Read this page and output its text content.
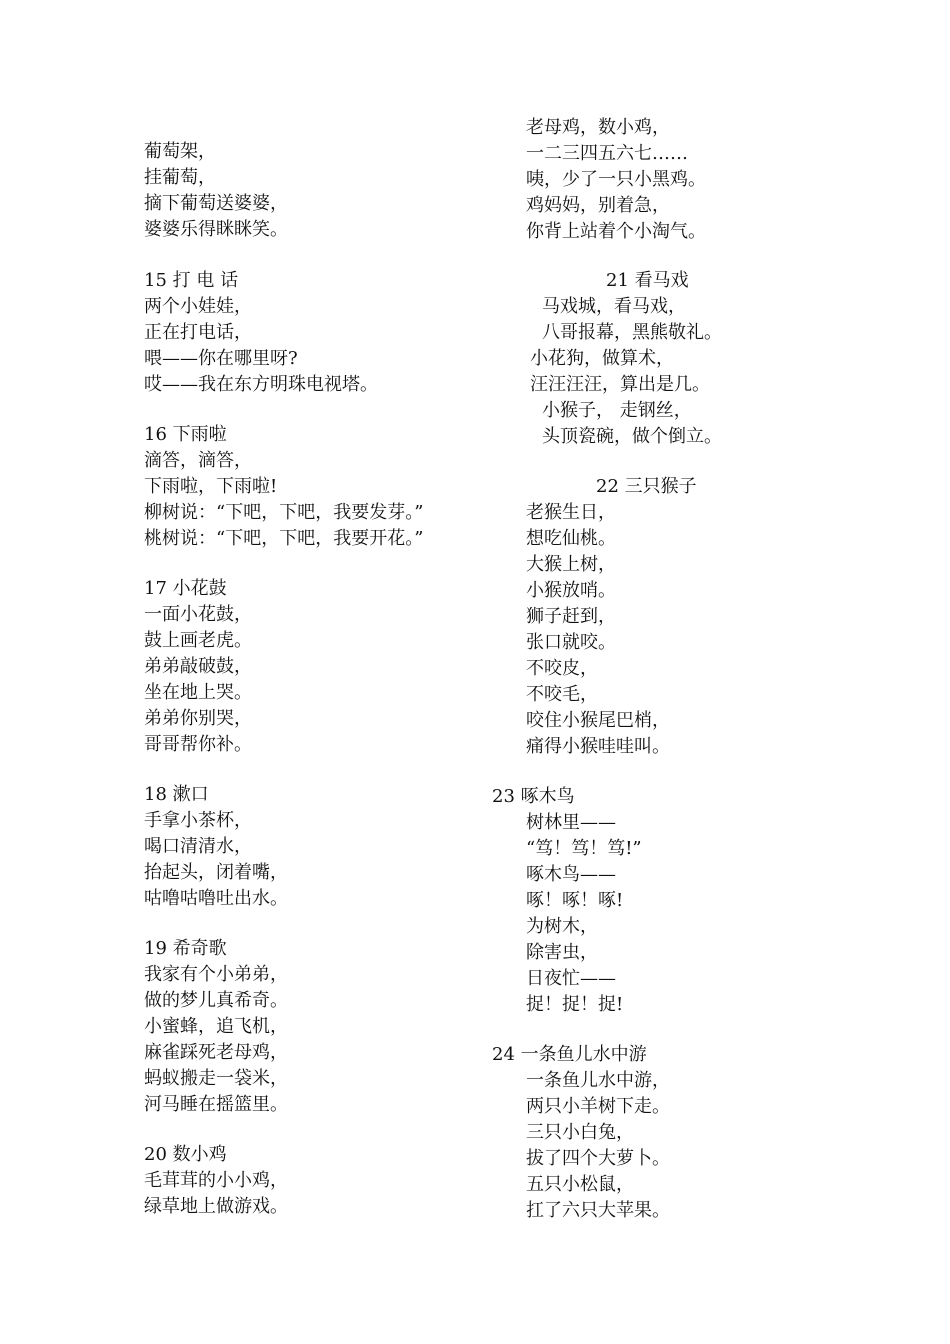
葡萄架，
挂葡萄，
摘下葡萄送婆婆，
婆婆乐得眯眯笑。
15 打 电 话
两个小娃娃，
正在打电话，
喂——你在哪里呀?
哎——我在东方明珠电视塔。
16 下雨啦
滴答，滴答，
下雨啦，下雨啦!
柳树说：“下吧，下吧，我要发芽。”
桃树说：“下吧，下吧，我要开花。”
17 小花鼓
一面小花鼓，
鼓上画老虎。
弟弟敲破鼓，
坐在地上哭。
弟弟你别哭，
哥哥帮你补。
18 漱口
手拿小茶杯，
喝口清清水，
抬起头，闭着嘴，
咕噜咕噜吐出水。
19 希奇歌
我家有个小弟弟，
做的梦儿真希奇。
小蜜蜂，追飞机，
麻雀踩死老母鸡，
蚂蚁搬走一袋米，
河马睡在摇篮里。
20 数小鸡
毛茸茸的小小鸡，
绿草地上做游戏。
老母鸡，数小鸡，
一二三四五六七……
咦，少了一只小黑鸡。
鸡妈妈，别着急，
你背上站着个小淘气。
21 看马戏
马戏城，看马戏，
八哥报幕，黑熊敬礼。
小花狗，做算术，
汪汪汪汪，算出是几。
小猴子， 走钢丝，
头顶瓷碗，做个倒立。
22 三只猴子
老猴生日，
想吃仙桃。
大猴上树，
小猴放哨。
狮子赶到，
张口就咬。
不咬皮，
不咬毛，
咬住小猴尾巴梢，
痛得小猴哇哇叫。
23 啄木鸟
树林里——
“笃！笃！笃!”
啄木鸟——
啄！啄！啄!
为树木，
除害虫，
日夜忙——
捉！捉！捉!
24 一条鱼儿水中游
一条鱼儿水中游，
两只小羊树下走。
三只小白兔，
拔了四个大萝卜。
五只小松鼠，
扛了六只大苹果。
